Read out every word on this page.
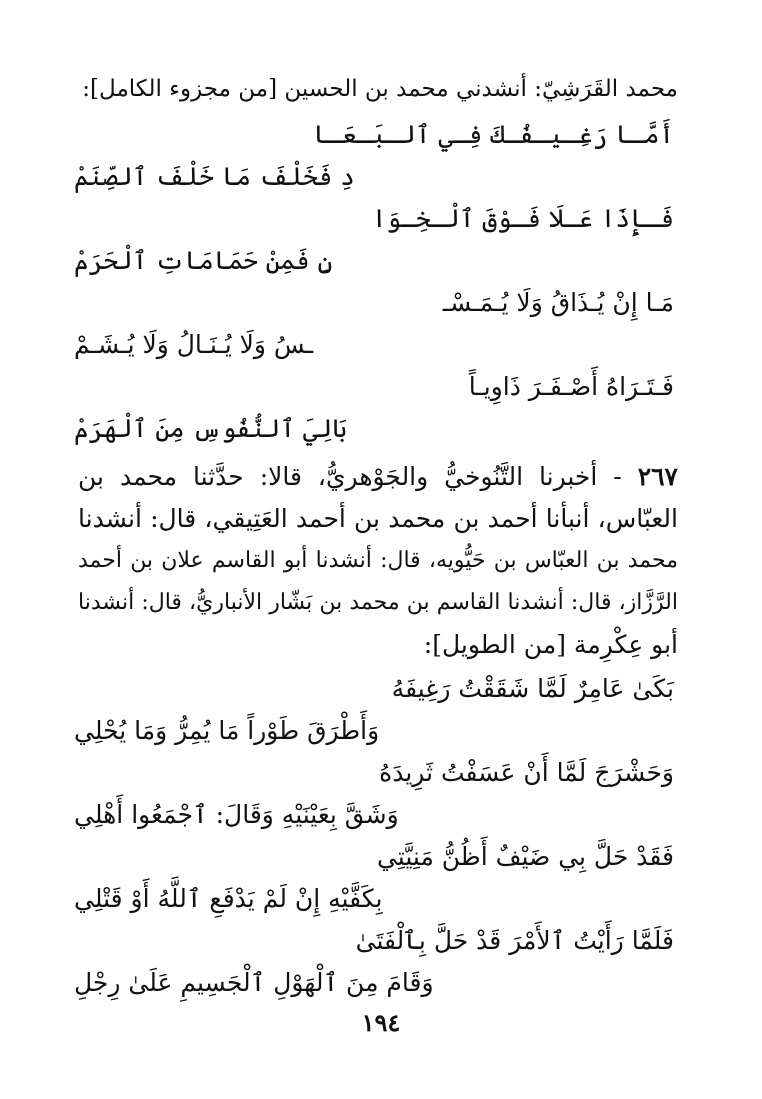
محمد القَرَشِيّ: أنشدني محمد بن الحسين [من مجزوء الكامل]:
أَمَّـا رَغِـيـفُـكَ فِـي ٱلـبَـعَـا
دِ فَخَلْفَ مَا خَلْفَ ٱلصِّنَمْ
فَـإِذَا عَـلَا فَـوْقَ ٱلْـخِـوَا
نِ فَمِنْ حَمَامَاتِ ٱلْحَرَمْ
مَـا إِنْ يُـذَاقُ وَلَا يُـمَـسْـ
ـسُ وَلَا يُـنَـالُ وَلَا يُـشَـمْ
فَـتَـرَاهُ أَصْـفَـرَ ذَاوِيـاً
بَالِيَ ٱلنُّفُوسِ مِنَ ٱلْهَرَمْ
٢٦٧ - أخبرنا التَّنُوخيُّ والجَوْهريُّ، قالا: حدَّثنا محمد بن
العبّاس، أنبأنا أحمد بن محمد بن أحمد العَتِيقي، قال: أنشدنا
محمد بن العبّاس بن حَيُّويه، قال: أنشدنا أبو القاسم علان بن أحمد
الرَّزَّاز، قال: أنشدنا القاسم بن محمد بن بَشّار الأنباريُّ، قال: أنشدنا
أبو عِكْرِمة [من الطويل]:
بَكَىٰ عَامِرٌ لَمَّا شَقَقْتُ رَغِيفَهُ
وَأَطْرَقَ طَوْراً مَا يُمِرُّ وَمَا يُحْلِي
وَحَشْرَجَ لَمَّا أَنْ عَسَفْتُ ثَرِيدَهُ
وَشَقَّ بِعَيْنَيْهِ وَقَالَ: ٱجْمَعُوا أَهْلِي
فَقَدْ حَلَّ بِي ضَيْفٌ أَظُنُّ مَنِيَّتِي
بِكَفَّيْهِ إِنْ لَمْ يَدْفَعِ ٱللَّهُ أَوْ قَتْلِي
فَلَمَّا رَأَيْتُ ٱلأَمْرَ قَدْ حَلَّ بِٱلْفَتَىٰ
وَقَامَ مِنَ ٱلْهَوْلِ ٱلْجَسِيمِ عَلَىٰ رِجْلِ
١٩٤
